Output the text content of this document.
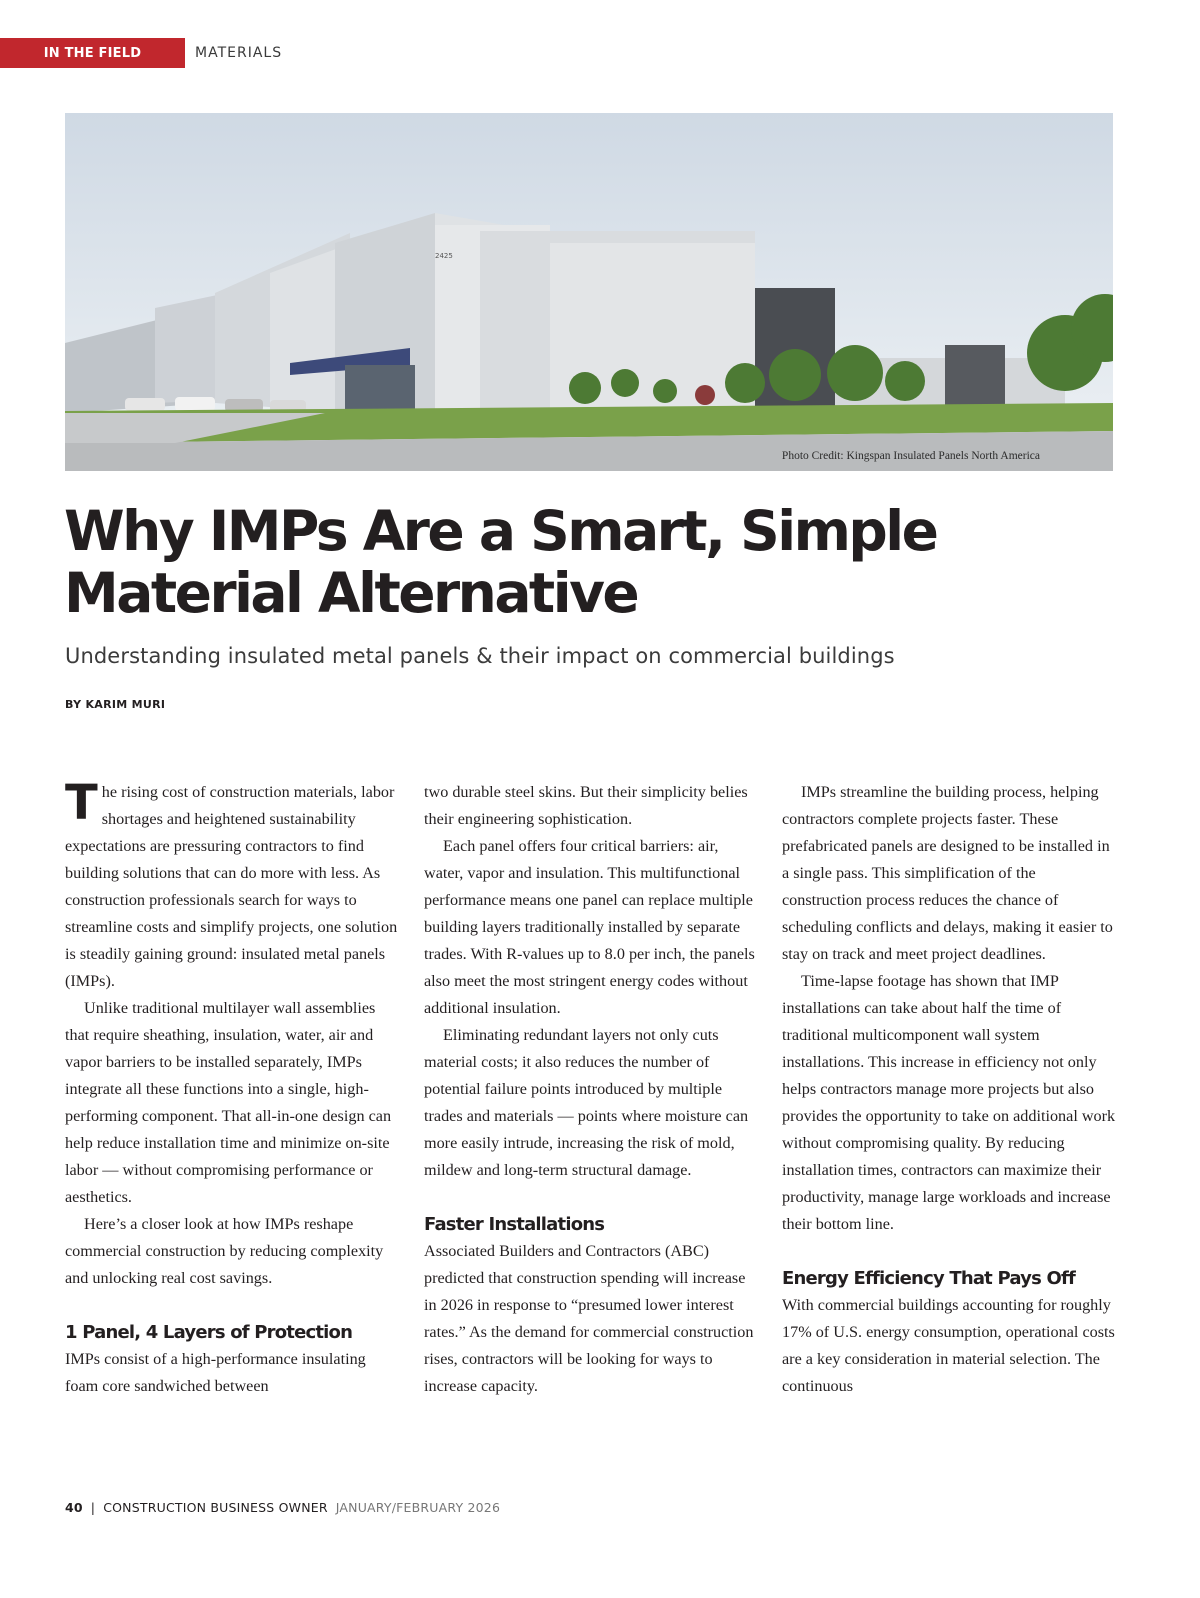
IN THE FIELD	MATERIALS
2425
Photo Credit: Kingspan Insulated Panels North America
Why IMPs Are a Smart, Simple Material Alternative

Understanding insulated metal panels & their impact on commercial buildings

BY KARIM MURI

The rising cost of construction materials, labor shortages and heightened sustainability expectations are pressuring contractors to find building solutions that can do more with less. As construction professionals search for ways to streamline costs and simplify projects, one solution is steadily gaining ground: insulated metal panels (IMPs).

Unlike traditional multilayer wall assemblies that require sheathing, insulation, water, air and vapor barriers to be installed separately, IMPs integrate all these functions into a single, high-performing component. That all-in-one design can help reduce installation time and minimize on-site labor — without compromising performance or aesthetics.

Here’s a closer look at how IMPs reshape commercial construction by reducing complexity and unlocking real cost savings.

1 Panel, 4 Layers of Protection

IMPs consist of a high-performance insulating foam core sandwiched between

two durable steel skins. But their simplicity belies their engineering sophistication.

Each panel offers four critical barriers: air, water, vapor and insulation. This multifunctional performance means one panel can replace multiple building layers traditionally installed by separate trades. With R-values up to 8.0 per inch, the panels also meet the most stringent energy codes without additional insulation.

Eliminating redundant layers not only cuts material costs; it also reduces the number of potential failure points introduced by multiple trades and materials — points where moisture can more easily intrude, increasing the risk of mold, mildew and long-term structural damage.

Faster Installations

Associated Builders and Contractors (ABC) predicted that construction spending will increase in 2026 in response to “presumed lower interest rates.” As the demand for commercial construction rises, contractors will be looking for ways to increase capacity.

IMPs streamline the building process, helping contractors complete projects faster. These prefabricated panels are designed to be installed in a single pass. This simplification of the construction process reduces the chance of scheduling conflicts and delays, making it easier to stay on track and meet project deadlines.

Time-lapse footage has shown that IMP installations can take about half the time of traditional multicomponent wall system installations. This increase in efficiency not only helps contractors manage more projects but also provides the opportunity to take on additional work without compromising quality. By reducing installation times, contractors can maximize their productivity, manage large workloads and increase their bottom line.

Energy Efficiency That Pays Off

With commercial buildings accounting for roughly 17% of U.S. energy consumption, operational costs are a key consideration in material selection. The continuous

40 | CONSTRUCTION BUSINESS OWNER JANUARY/FEBRUARY 2026
